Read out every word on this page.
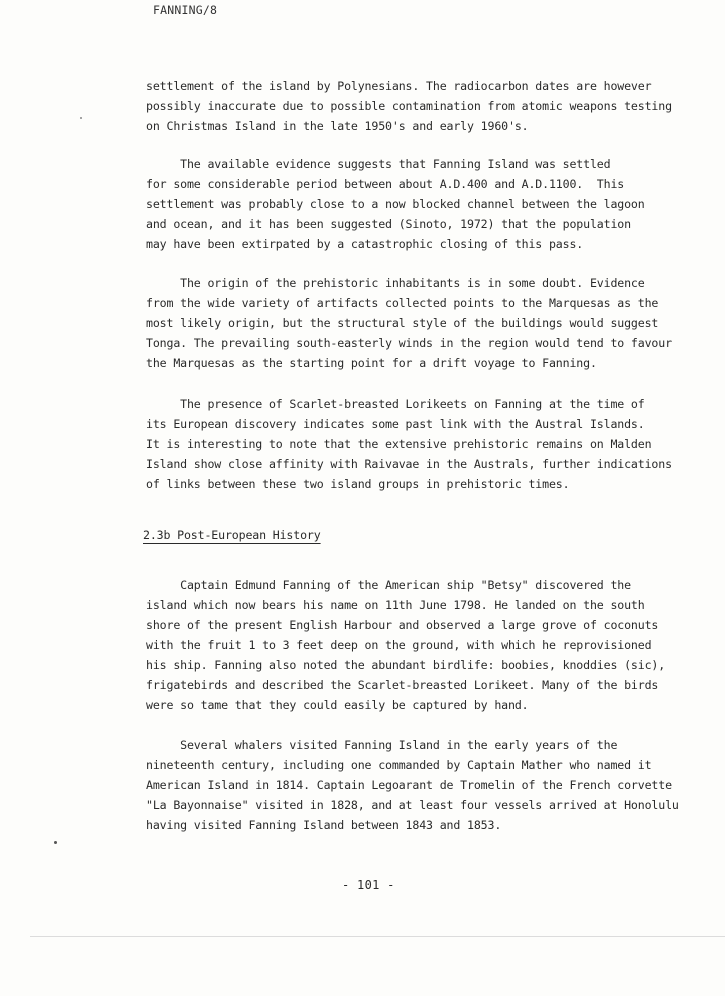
FANNING/8
settlement of the island by Polynesians. The radiocarbon dates are however
possibly inaccurate due to possible contamination from atomic weapons testing
on Christmas Island in the late 1950's and early 1960's.
The available evidence suggests that Fanning Island was settled
for some considerable period between about A.D.400 and A.D.1100.  This
settlement was probably close to a now blocked channel between the lagoon
and ocean, and it has been suggested (Sinoto, 1972) that the population
may have been extirpated by a catastrophic closing of this pass.
The origin of the prehistoric inhabitants is in some doubt. Evidence
from the wide variety of artifacts collected points to the Marquesas as the
most likely origin, but the structural style of the buildings would suggest
Tonga. The prevailing south-easterly winds in the region would tend to favour
the Marquesas as the starting point for a drift voyage to Fanning.
The presence of Scarlet-breasted Lorikeets on Fanning at the time of
its European discovery indicates some past link with the Austral Islands.
It is interesting to note that the extensive prehistoric remains on Malden
Island show close affinity with Raivavae in the Australs, further indications
of links between these two island groups in prehistoric times.
2.3b Post-European History
Captain Edmund Fanning of the American ship "Betsy" discovered the
island which now bears his name on 11th June 1798. He landed on the south
shore of the present English Harbour and observed a large grove of coconuts
with the fruit 1 to 3 feet deep on the ground, with which he reprovisioned
his ship. Fanning also noted the abundant birdlife: boobies, knoddies (sic),
frigatebirds and described the Scarlet-breasted Lorikeet. Many of the birds
were so tame that they could easily be captured by hand.
Several whalers visited Fanning Island in the early years of the
nineteenth century, including one commanded by Captain Mather who named it
American Island in 1814. Captain Legoarant de Tromelin of the French corvette
"La Bayonnaise" visited in 1828, and at least four vessels arrived at Honolulu
having visited Fanning Island between 1843 and 1853.
- 101 -
